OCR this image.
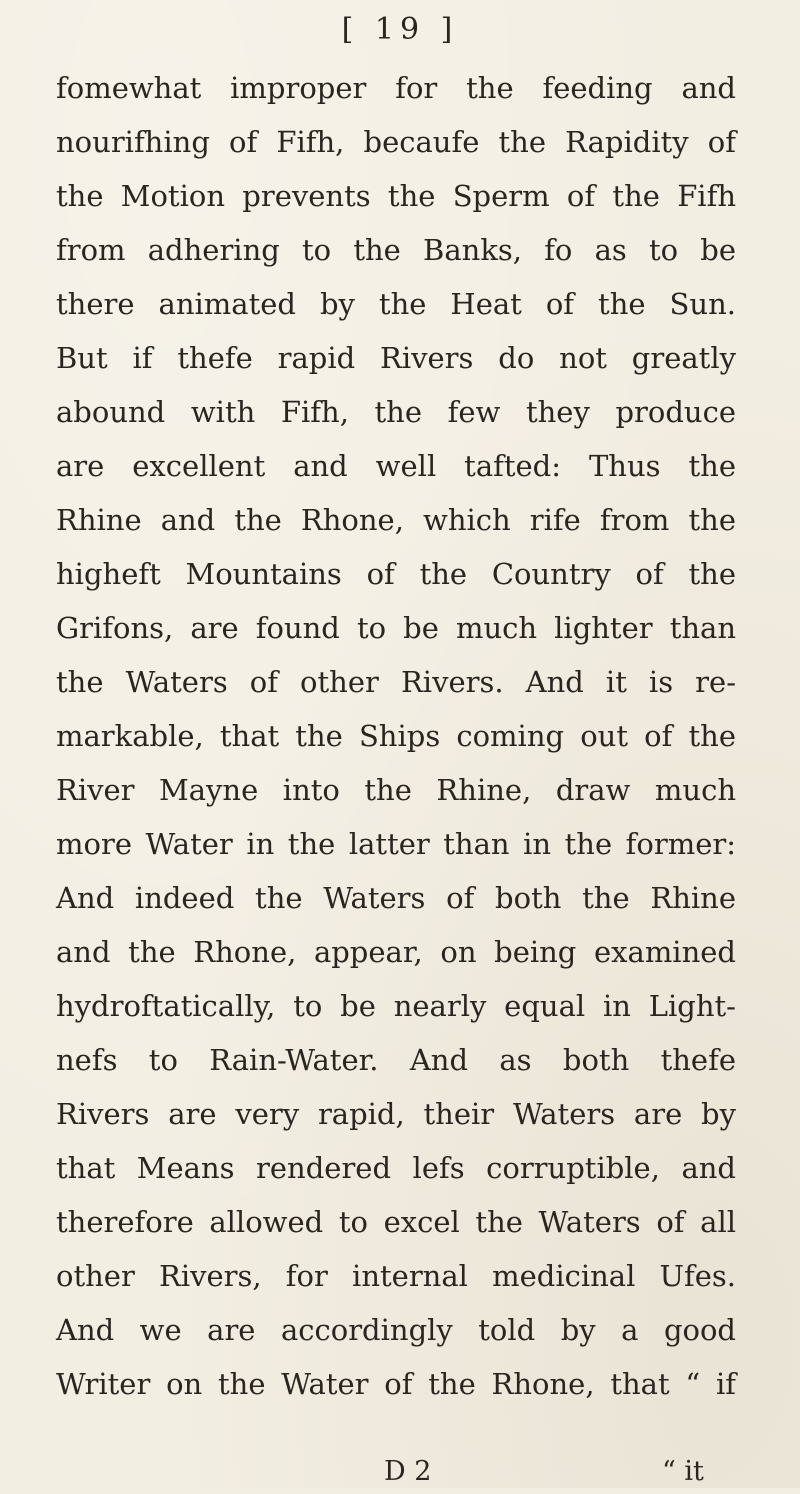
[ 19 ]
fomewhat improper for the feeding and
nourifhing of Fifh, becaufe the Rapidity of
the Motion prevents the Sperm of the Fifh
from adhering to the Banks, fo as to be
there animated by the Heat of the Sun.
But if thefe rapid Rivers do not greatly
abound with Fifh, the few they produce
are excellent and well tafted: Thus the
Rhine and the Rhone, which rife from the
higheft Mountains of the Country of the
Grifons, are found to be much lighter than
the Waters of other Rivers. And it is re-
markable, that the Ships coming out of the
River Mayne into the Rhine, draw much
more Water in the latter than in the former:
And indeed the Waters of both the Rhine
and the Rhone, appear, on being examined
hydroftatically, to be nearly equal in Light-
nefs to Rain-Water. And as both thefe
Rivers are very rapid, their Waters are by
that Means rendered lefs corruptible, and
therefore allowed to excel the Waters of all
other Rivers, for internal medicinal Ufes.
And we are accordingly told by a good
Writer on the Water of the Rhone, that “ if
D 2	“ it
